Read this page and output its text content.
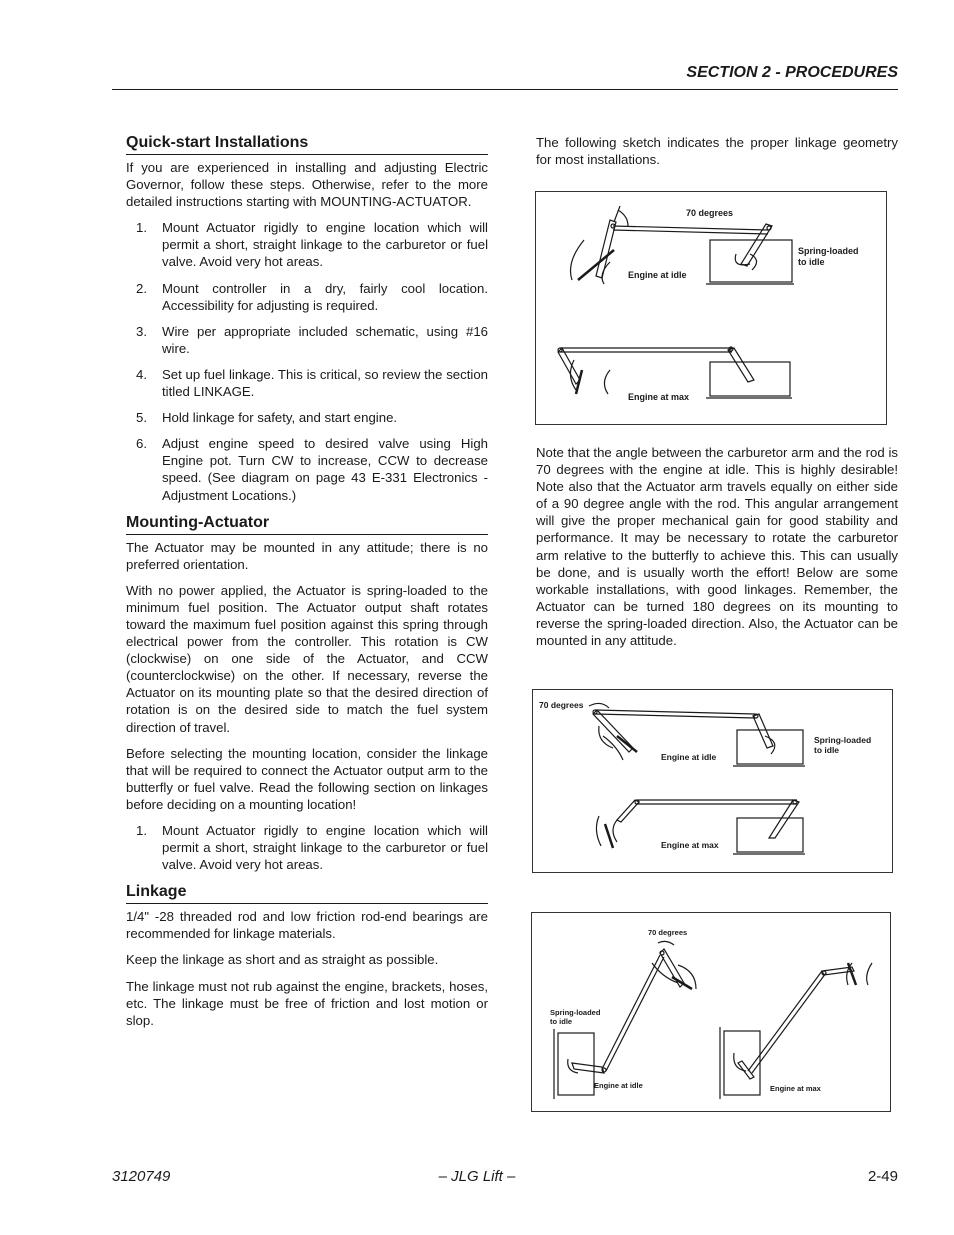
SECTION 2 - PROCEDURES
Quick-start Installations

If you are experienced in installing and adjusting Electric Governor, follow these steps. Otherwise, refer to the more detailed instructions starting with MOUNTING-ACTUATOR.

1.	Mount Actuator rigidly to engine location which will permit a short, straight linkage to the carburetor or fuel valve. Avoid very hot areas.
2.	Mount controller in a dry, fairly cool location. Accessibility for adjusting is required.
3.	Wire per appropriate included schematic, using #16 wire.
4.	Set up fuel linkage. This is critical, so review the section titled LINKAGE.
5.	Hold linkage for safety, and start engine.
6.	Adjust engine speed to desired valve using High Engine pot. Turn CW to increase, CCW to decrease speed. (See diagram on page 43 E-331 Electronics - Adjustment Locations.)
Mounting-Actuator

The Actuator may be mounted in any attitude; there is no preferred orientation.

With no power applied, the Actuator is spring-loaded to the minimum fuel position. The Actuator output shaft rotates toward the maximum fuel position against this spring through electrical power from the controller. This rotation is CW (clockwise) on one side of the Actuator, and CCW (counterclockwise) on the other. If necessary, reverse the Actuator on its mounting plate so that the desired direction of rotation is on the desired side to match the fuel system direction of travel.

Before selecting the mounting location, consider the linkage that will be required to connect the Actuator output arm to the butterfly or fuel valve. Read the following section on linkages before deciding on a mounting location!

1.	Mount Actuator rigidly to engine location which will permit a short, straight linkage to the carburetor or fuel valve. Avoid very hot areas.
Linkage

1/4" -28 threaded rod and low friction rod-end bearings are recommended for linkage materials.

Keep the linkage as short and as straight as possible.

The linkage must not rub against the engine, brackets, hoses, etc. The linkage must be free of friction and lost motion or slop.

The following sketch indicates the proper linkage geometry for most installations.

Note that the angle between the carburetor arm and the rod is 70 degrees with the engine at idle. This is highly desirable! Note also that the Actuator arm travels equally on either side of a 90 degree angle with the rod. This angular arrangement will give the proper mechanical gain for good stability and performance. It may be necessary to rotate the carburetor arm relative to the butterfly to achieve this. This can usually be done, and is usually worth the effort! Below are some workable installations, with good linkages. Remember, the Actuator can be turned 180 degrees on its mounting to reverse the spring-loaded direction. Also, the Actuator can be mounted in any attitude.

70 degrees
Spring-loaded
to idle
Engine at idle
Engine at max
70 degrees
Spring-loaded
to idle
Engine at idle
Engine at max
70 degrees
Spring-loaded
to idle
Engine at idle	Engine at max
3120749	– JLG Lift –	2-49
